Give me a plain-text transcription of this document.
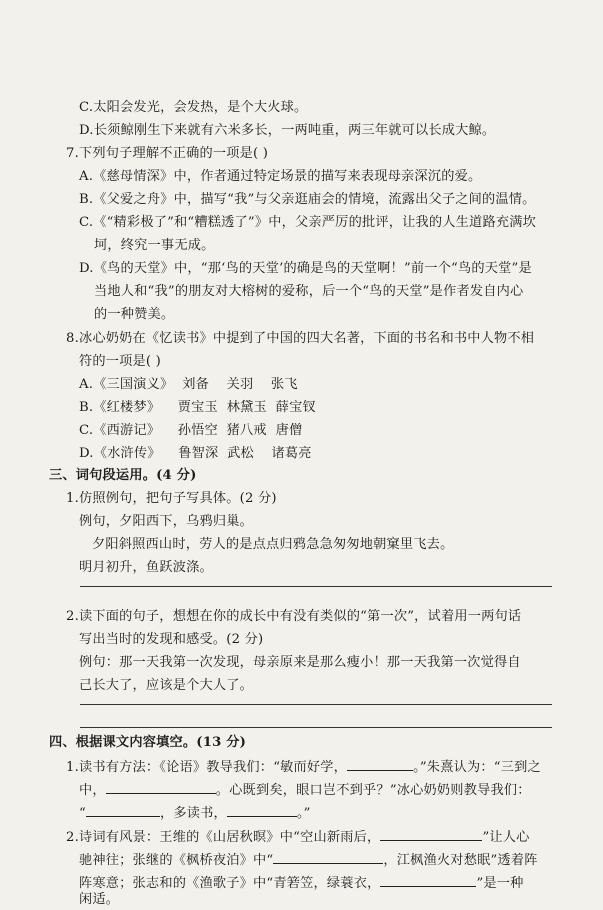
C.太阳会发光，会发热，是个大火球。
D.长须鲸刚生下来就有六米多长，一两吨重，两三年就可以长成大鲸。
7.下列句子理解不正确的一项是( )
A.《慈母情深》中，作者通过特定场景的描写来表现母亲深沉的爱。
B.《父爱之舟》中，描写“我”与父亲逛庙会的情境，流露出父子之间的温情。
C.《“精彩极了”和“糟糕透了”》中，父亲严厉的批评，让我的人生道路充满坎
坷，终究一事无成。
D.《鸟的天堂》中，“那‘鸟的天堂’的确是鸟的天堂啊！”前一个“鸟的天堂”是
当地人和“我”的朋友对大榕树的爱称，后一个“鸟的天堂”是作者发自内心
的一种赞美。
8.冰心奶奶在《忆读书》中提到了中国的四大名著，下面的书名和书中人物不相
符的一项是( )
A.《三国演义》  刘备    关羽    张飞
B.《红楼梦》    贾宝玉  林黛玉  薛宝钗
C.《西游记》    孙悟空  猪八戒  唐僧
D.《水浒传》    鲁智深  武松    诸葛亮
三、词句段运用。(4 分)
1.仿照例句，把句子写具体。(2 分)
例句，夕阳西下，乌鸦归巢。
夕阳斜照西山时，劳人的是点点归鸦急急匆匆地朝窠里飞去。
明月初升，鱼跃波涤。
2.读下面的句子，想想在你的成长中有没有类似的“第一次”，试着用一两句话
写出当时的发现和感受。(2 分)
例句：那一天我第一次发现，母亲原来是那么瘦小！那一天我第一次觉得自
己长大了，应该是个大人了。
四、根据课文内容填空。(13 分)
1.读书有方法：《论语》教导我们：“敏而好学，	。”朱熹认为：“三到之
中，	。心既到矣，眼口岂不到乎？”冰心奶奶则教导我们：
“	，多读书，	。”
2.诗词有风景：王维的《山居秋暝》中“空山新雨后，	”让人心
驰神往；张继的《枫桥夜泊》中“	，江枫渔火对愁眠”透着阵
阵寒意；张志和的《渔歌子》中“青箬笠，绿蓑衣，	”是一种
闲适。
